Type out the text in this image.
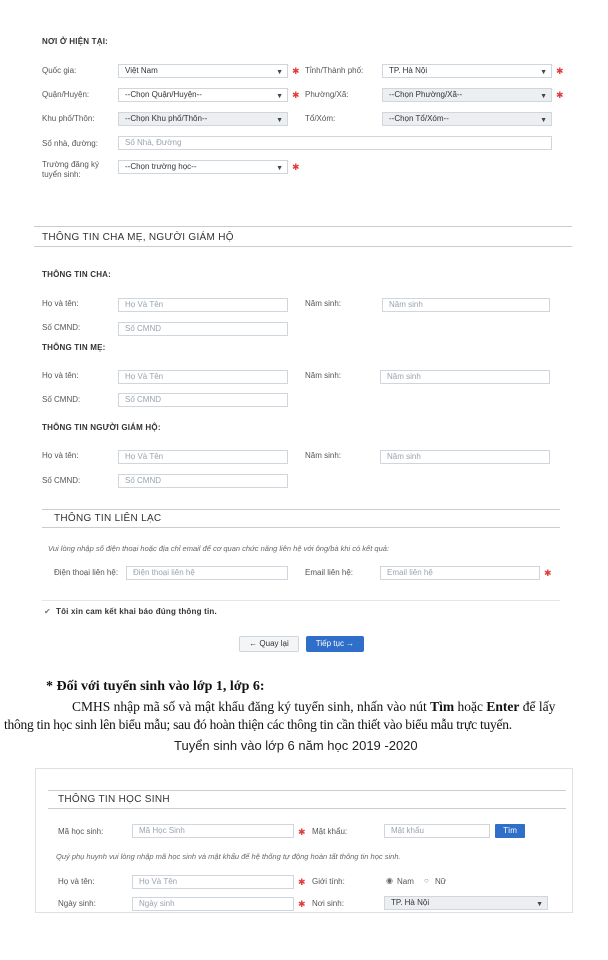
NƠI Ở HIỆN TẠI:
Quốc gia:	Việt Nam	▼ ✱ Tỉnh/Thành phố:	TP. Hà Nội	▼ ✱
Quận/Huyện:	--Chọn Quận/Huyện--	▼ ✱ Phường/Xã:	--Chọn Phường/Xã--	▼ ✱
Khu phố/Thôn:	--Chọn Khu phố/Thôn--	▼	Tổ/Xóm:	--Chọn Tổ/Xóm--	▼
Số nhà, đường:	Số Nhà, Đường
Trường đăng ký
tuyển sinh:
--Chọn trường học--	▼ ✱
THÔNG TIN CHA MẸ, NGƯỜI GIÁM HỘ
THÔNG TIN CHA:
Họ và tên:	Họ Và Tên	Năm sinh:	Năm sinh
Số CMND:	Số CMND
THÔNG TIN MẸ:
Họ và tên:	Họ Và Tên	Năm sinh:	Năm sinh
Số CMND:	Số CMND
THÔNG TIN NGƯỜI GIÁM HỘ:
Họ và tên:	Họ Và Tên	Năm sinh:	Năm sinh
Số CMND:	Số CMND
THÔNG TIN LIÊN LẠC
Vui lòng nhập số điện thoại hoặc địa chỉ email để cơ quan chức năng liên hệ với ông/bà khi có kết quả:
Điện thoại liên hệ:	Điện thoại liên hệ	Email liên hệ:	Email liên hệ	✱
✔ Tôi xin cam kết khai báo đúng thông tin.
← Quay lại	Tiếp tục →
* Đối với tuyển sinh vào lớp 1, lớp 6:
CMHS nhập mã số và mật khẩu đăng ký tuyển sinh, nhấn vào nút Tìm hoặc Enter để lấy
thông tin học sinh lên biểu mẫu; sau đó hoàn thiện các thông tin cần thiết vào biểu mẫu trực tuyến.
Tuyển sinh vào lớp 6 năm học 2019 -2020
THÔNG TIN HỌC SINH
Mã học sinh:	Mã Học Sinh	✱ Mật khẩu:	Mật khẩu	Tìm
Quý phụ huynh vui lòng nhập mã học sinh và mật khẩu để hệ thống tự động hoàn tất thông tin học sinh.
Họ và tên:	Họ Và Tên	✱ Giới tính:	◉ Nam ○ Nữ
Ngày sinh:	Ngày sinh	✱ Nơi sinh:	TP. Hà Nội	▼
